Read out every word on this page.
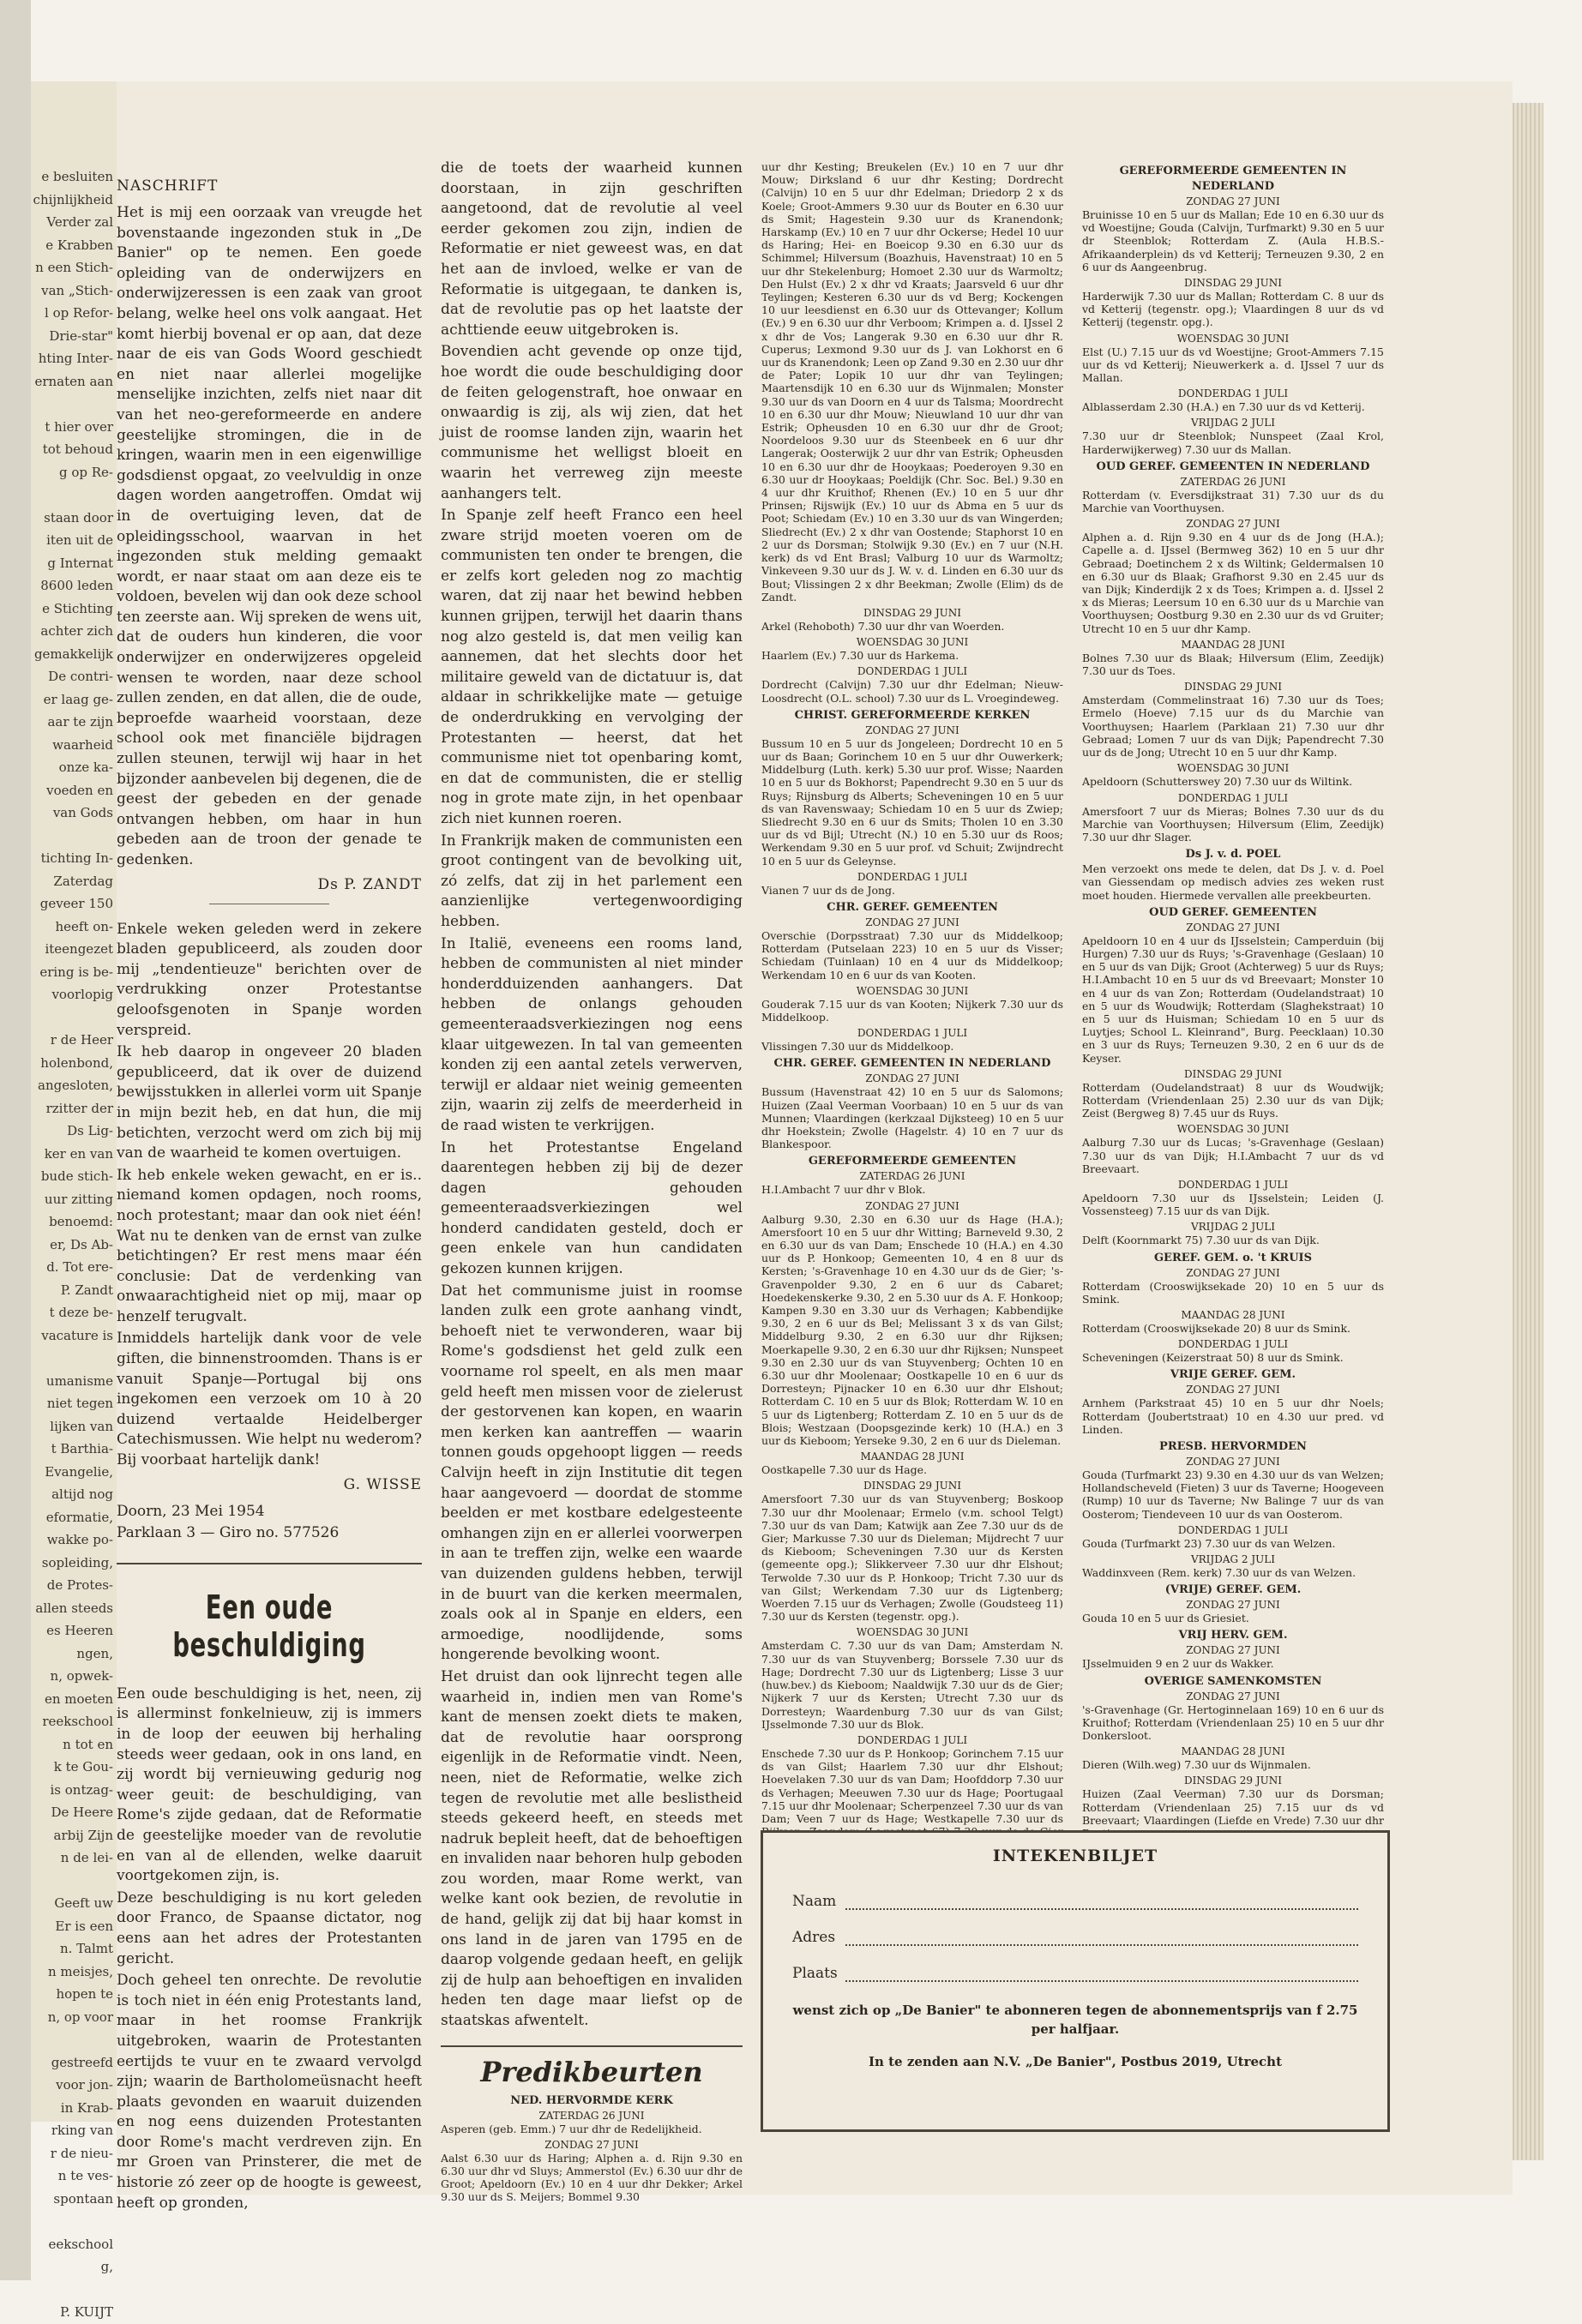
e besluiten
chijnlijkheid
Verder zal
e Krabben
n een Stich-
van „Stich-
l op Refor-
Drie-star"
hting Inter-
ernaten aan

t hier over
tot behoud
g op Re-

staan door
iten uit de
g Internat
8600 leden
e Stichting
achter zich
gemakkelijk
De contri-
er laag ge-
aar te zijn
waarheid
onze ka-
voeden en
van Gods

tichting In-
Zaterdag
geveer 150
heeft on-
iteengezet
ering is be-
voorlopig

r de Heer
holenbond,
angesloten,
rzitter der
Ds Lig-
ker en van
bude stich-
uur zitting
benoemd:
er, Ds Ab-
d. Tot ere-
P. Zandt
t deze be-
vacature is

umanisme
niet tegen
lijken van
t Barthia-
Evangelie,
altijd nog
eformatie,
wakke po-
sopleiding,
de Protes-
allen steeds
es Heeren
ngen,
n, opwek-
en moeten
reekschool
n tot en
k te Gou-
is ontzag-
De Heere
arbij Zijn
n de lei-

Geeft uw
Er is een
n. Talmt
n meisjes,
hopen te
n, op voor

gestreefd
voor jon-
in Krab-
rking van
r de nieu-
n te ves-
spontaan

eekschool
g,

P. KUIJT
NASCHRIFT

Het is mij een oorzaak van vreugde het bovenstaande ingezonden stuk in „De Banier" op te nemen. Een goede opleiding van de onderwijzers en onderwijzeressen is een zaak van groot belang, welke heel ons volk aangaat. Het komt hierbij bovenal er op aan, dat deze naar de eis van Gods Woord geschiedt en niet naar allerlei mogelijke menselijke inzichten, zelfs niet naar dit van het neo-gereformeerde en andere geestelijke stromingen, die in de kringen, waarin men in een eigenwillige godsdienst opgaat, zo veelvuldig in onze dagen worden aangetroffen. Omdat wij in de overtuiging leven, dat de opleidingsschool, waarvan in het ingezonden stuk melding gemaakt wordt, er naar staat om aan deze eis te voldoen, bevelen wij dan ook deze school ten zeerste aan. Wij spreken de wens uit, dat de ouders hun kinderen, die voor onderwijzer en onderwijzeres opgeleid wensen te worden, naar deze school zullen zenden, en dat allen, die de oude, beproefde waarheid voorstaan, deze school ook met financiële bijdragen zullen steunen, terwijl wij haar in het bijzonder aanbevelen bij degenen, die de geest der gebeden en der genade ontvangen hebben, om haar in hun gebeden aan de troon der genade te gedenken.

Ds P. ZANDT

Enkele weken geleden werd in zekere bladen gepubliceerd, als zouden door mij „tendentieuze" berichten over de verdrukking onzer Protestantse geloofsgenoten in Spanje worden verspreid.

Ik heb daarop in ongeveer 20 bladen gepubliceerd, dat ik over de duizend bewijsstukken in allerlei vorm uit Spanje in mijn bezit heb, en dat hun, die mij betichten, verzocht werd om zich bij mij van de waarheid te komen overtuigen.

Ik heb enkele weken gewacht, en er is.. niemand komen opdagen, noch rooms, noch protestant; maar dan ook niet één! Wat nu te denken van de ernst van zulke betichtingen? Er rest mens maar één conclusie: Dat de verdenking van onwaarachtigheid niet op mij, maar op henzelf terugvalt.

Inmiddels hartelijk dank voor de vele giften, die binnenstroomden. Thans is er vanuit Spanje—Portugal bij ons ingekomen een verzoek om 10 à 20 duizend vertaalde Heidelberger Catechismussen. Wie helpt nu wederom? Bij voorbaat hartelijk dank!

G. WISSE
Doorn, 23 Mei 1954
Parklaan 3 — Giro no. 577526
Een oude beschuldiging

Een oude beschuldiging is het, neen, zij is allerminst fonkelnieuw, zij is immers in de loop der eeuwen bij herhaling steeds weer gedaan, ook in ons land, en zij wordt bij vernieuwing gedurig nog weer geuit: de beschuldiging, van Rome's zijde gedaan, dat de Reformatie de geestelijke moeder van de revolutie en van al de ellenden, welke daaruit voortgekomen zijn, is.

Deze beschuldiging is nu kort geleden door Franco, de Spaanse dictator, nog eens aan het adres der Protestanten gericht.

Doch geheel ten onrechte. De revolutie is toch niet in één enig Protestants land, maar in het roomse Frankrijk uitgebroken, waarin de Protestanten eertijds te vuur en te zwaard vervolgd zijn; waarin de Bartholomeüsnacht heeft plaats gevonden en waaruit duizenden en nog eens duizenden Protestanten door Rome's macht verdreven zijn. En mr Groen van Prinsterer, die met de historie zó zeer op de hoogte is geweest, heeft op gronden,

die de toets der waarheid kunnen doorstaan, in zijn geschriften aangetoond, dat de revolutie al veel eerder gekomen zou zijn, indien de Reformatie er niet geweest was, en dat het aan de invloed, welke er van de Reformatie is uitgegaan, te danken is, dat de revolutie pas op het laatste der achttiende eeuw uitgebroken is.

Bovendien acht gevende op onze tijd, hoe wordt die oude beschuldiging door de feiten gelogenstraft, hoe onwaar en onwaardig is zij, als wij zien, dat het juist de roomse landen zijn, waarin het communisme het welligst bloeit en waarin het verreweg zijn meeste aanhangers telt.

In Spanje zelf heeft Franco een heel zware strijd moeten voeren om de communisten ten onder te brengen, die er zelfs kort geleden nog zo machtig waren, dat zij naar het bewind hebben kunnen grijpen, terwijl het daarin thans nog alzo gesteld is, dat men veilig kan aannemen, dat het slechts door het militaire geweld van de dictatuur is, dat aldaar in schrikkelijke mate — getuige de onderdrukking en vervolging der Protestanten — heerst, dat het communisme niet tot openbaring komt, en dat de communisten, die er stellig nog in grote mate zijn, in het openbaar zich niet kunnen roeren.

In Frankrijk maken de communisten een groot contingent van de bevolking uit, zó zelfs, dat zij in het parlement een aanzienlijke vertegenwoordiging hebben.

In Italië, eveneens een rooms land, hebben de communisten al niet minder honderdduizenden aanhangers. Dat hebben de onlangs gehouden gemeenteraadsverkiezingen nog eens klaar uitgewezen. In tal van gemeenten konden zij een aantal zetels verwerven, terwijl er aldaar niet weinig gemeenten zijn, waarin zij zelfs de meerderheid in de raad wisten te verkrijgen.

In het Protestantse Engeland daarentegen hebben zij bij de dezer dagen gehouden gemeenteraadsverkiezingen wel honderd candidaten gesteld, doch er geen enkele van hun candidaten gekozen kunnen krijgen.

Dat het communisme juist in roomse landen zulk een grote aanhang vindt, behoeft niet te verwonderen, waar bij Rome's godsdienst het geld zulk een voorname rol speelt, en als men maar geld heeft men missen voor de zielerust der gestorvenen kan kopen, en waarin men kerken kan aantreffen — waarin tonnen gouds opgehoopt liggen — reeds Calvijn heeft in zijn Institutie dit tegen haar aangevoerd — doordat de stomme beelden er met kostbare edelgesteente omhangen zijn en er allerlei voorwerpen in aan te treffen zijn, welke een waarde van duizenden guldens hebben, terwijl in de buurt van die kerken meermalen, zoals ook al in Spanje en elders, een armoedige, noodlijdende, soms hongerende bevolking woont.

Het druist dan ook lijnrecht tegen alle waarheid in, indien men van Rome's kant de mensen zoekt diets te maken, dat de revolutie haar oorsprong eigenlijk in de Reformatie vindt. Neen, neen, niet de Reformatie, welke zich tegen de revolutie met alle beslistheid steeds gekeerd heeft, en steeds met nadruk bepleit heeft, dat de behoeftigen en invaliden naar behoren hulp geboden zou worden, maar Rome werkt, van welke kant ook bezien, de revolutie in de hand, gelijk zij dat bij haar komst in ons land in de jaren van 1795 en de daarop volgende gedaan heeft, en gelijk zij de hulp aan behoeftigen en invaliden heden ten dage maar liefst op de staatskas afwentelt.

Predikbeurten
NED. HERVORMDE KERK
ZATERDAG 26 JUNI

Asperen (geb. Emm.) 7 uur dhr de Redelijkheid.

ZONDAG 27 JUNI

Aalst 6.30 uur ds Haring; Alphen a. d. Rijn 9.30 en 6.30 uur dhr vd Sluys; Ammerstol (Ev.) 6.30 uur dhr de Groot; Apeldoorn (Ev.) 10 en 4 uur dhr Dekker; Arkel 9.30 uur ds S. Meijers; Bommel 9.30

uur dhr Kesting; Breukelen (Ev.) 10 en 7 uur dhr Mouw; Dirksland 6 uur dhr Kesting; Dordrecht (Calvijn) 10 en 5 uur dhr Edelman; Driedorp 2 x ds Koele; Groot-Ammers 9.30 uur ds Bouter en 6.30 uur ds Smit; Hagestein 9.30 uur ds Kranendonk; Harskamp (Ev.) 10 en 7 uur dhr Ockerse; Hedel 10 uur ds Haring; Hei- en Boeicop 9.30 en 6.30 uur ds Schimmel; Hilversum (Boazhuis, Havenstraat) 10 en 5 uur dhr Stekelenburg; Homoet 2.30 uur ds Warmoltz; Den Hulst (Ev.) 2 x dhr vd Kraats; Jaarsveld 6 uur dhr Teylingen; Kesteren 6.30 uur ds vd Berg; Kockengen 10 uur leesdienst en 6.30 uur ds Ottevanger; Kollum (Ev.) 9 en 6.30 uur dhr Verboom; Krimpen a. d. IJssel 2 x dhr de Vos; Langerak 9.30 en 6.30 uur dhr R. Cuperus; Lexmond 9.30 uur ds J. van Lokhorst en 6 uur ds Kranendonk; Leen op Zand 9.30 en 2.30 uur dhr de Pater; Lopik 10 uur dhr van Teylingen; Maartensdijk 10 en 6.30 uur ds Wijnmalen; Monster 9.30 uur ds van Doorn en 4 uur ds Talsma; Moordrecht 10 en 6.30 uur dhr Mouw; Nieuwland 10 uur dhr van Estrik; Opheusden 10 en 6.30 uur dhr de Groot; Noordeloos 9.30 uur ds Steenbeek en 6 uur dhr Langerak; Oosterwijk 2 uur dhr van Estrik; Opheusden 10 en 6.30 uur dhr de Hooykaas; Poederoyen 9.30 en 6.30 uur dr Hooykaas; Poeldijk (Chr. Soc. Bel.) 9.30 en 4 uur dhr Kruithof; Rhenen (Ev.) 10 en 5 uur dhr Prinsen; Rijswijk (Ev.) 10 uur ds Abma en 5 uur ds Poot; Schiedam (Ev.) 10 en 3.30 uur ds van Wingerden; Sliedrecht (Ev.) 2 x dhr van Oostende; Staphorst 10 en 2 uur ds Dorsman; Stolwijk 9.30 (Ev.) en 7 uur (N.H. kerk) ds vd Ent Brasl; Valburg 10 uur ds Warmoltz; Vinkeveen 9.30 uur ds J. W. v. d. Linden en 6.30 uur ds Bout; Vlissingen 2 x dhr Beekman; Zwolle (Elim) ds de Zandt.

DINSDAG 29 JUNI

Arkel (Rehoboth) 7.30 uur dhr van Woerden.

WOENSDAG 30 JUNI

Haarlem (Ev.) 7.30 uur ds Harkema.

DONDERDAG 1 JULI

Dordrecht (Calvijn) 7.30 uur dhr Edelman; Nieuw-Loosdrecht (O.L. school) 7.30 uur ds L. Vroegindeweg.

CHRIST. GEREFORMEERDE KERKEN
ZONDAG 27 JUNI

Bussum 10 en 5 uur ds Jongeleen; Dordrecht 10 en 5 uur ds Baan; Gorinchem 10 en 5 uur dhr Ouwerkerk; Middelburg (Luth. kerk) 5.30 uur prof. Wisse; Naarden 10 en 5 uur ds Bokhorst; Papendrecht 9.30 en 5 uur ds Ruys; Rijnsburg ds Alberts; Scheveningen 10 en 5 uur ds van Ravenswaay; Schiedam 10 en 5 uur ds Zwiep; Sliedrecht 9.30 en 6 uur ds Smits; Tholen 10 en 3.30 uur ds vd Bijl; Utrecht (N.) 10 en 5.30 uur ds Roos; Werkendam 9.30 en 5 uur prof. vd Schuit; Zwijndrecht 10 en 5 uur ds Geleynse.

DONDERDAG 1 JULI

Vianen 7 uur ds de Jong.

CHR. GEREF. GEMEENTEN
ZONDAG 27 JUNI

Overschie (Dorpsstraat) 7.30 uur ds Middelkoop; Rotterdam (Putselaan 223) 10 en 5 uur ds Visser; Schiedam (Tuinlaan) 10 en 4 uur ds Middelkoop; Werkendam 10 en 6 uur ds van Kooten.

WOENSDAG 30 JUNI

Gouderak 7.15 uur ds van Kooten; Nijkerk 7.30 uur ds Middelkoop.

DONDERDAG 1 JULI

Vlissingen 7.30 uur ds Middelkoop.

CHR. GEREF. GEMEENTEN IN NEDERLAND
ZONDAG 27 JUNI

Bussum (Havenstraat 42) 10 en 5 uur ds Salomons; Huizen (Zaal Veerman Voorbaan) 10 en 5 uur ds van Munnen; Vlaardingen (kerkzaal Dijksteeg) 10 en 5 uur dhr Hoekstein; Zwolle (Hagelstr. 4) 10 en 7 uur ds Blankespoor.

GEREFORMEERDE GEMEENTEN
ZATERDAG 26 JUNI

H.I.Ambacht 7 uur dhr v Blok.

ZONDAG 27 JUNI

Aalburg 9.30, 2.30 en 6.30 uur ds Hage (H.A.); Amersfoort 10 en 5 uur dhr Witting; Barneveld 9.30, 2 en 6.30 uur ds van Dam; Enschede 10 (H.A.) en 4.30 uur ds P. Honkoop; Gemeenten 10, 4 en 8 uur ds Kersten; 's-Gravenhage 10 en 4.30 uur ds de Gier; 's-Gravenpolder 9.30, 2 en 6 uur ds Cabaret; Hoedekenskerke 9.30, 2 en 5.30 uur ds A. F. Honkoop; Kampen 9.30 en 3.30 uur ds Verhagen; Kabbendijke 9.30, 2 en 6 uur ds Bel; Melissant 3 x ds van Gilst; Middelburg 9.30, 2 en 6.30 uur dhr Rijksen; Moerkapelle 9.30, 2 en 6.30 uur dhr Rijksen; Nunspeet 9.30 en 2.30 uur ds van Stuyvenberg; Ochten 10 en 6.30 uur dhr Moolenaar; Oostkapelle 10 en 6 uur ds Dorresteyn; Pijnacker 10 en 6.30 uur dhr Elshout; Rotterdam C. 10 en 5 uur ds Blok; Rotterdam W. 10 en 5 uur ds Ligtenberg; Rotterdam Z. 10 en 5 uur ds de Blois; Westzaan (Doopsgezinde kerk) 10 (H.A.) en 3 uur ds Kieboom; Yerseke 9.30, 2 en 6 uur ds Dieleman.

MAANDAG 28 JUNI

Oostkapelle 7.30 uur ds Hage.

DINSDAG 29 JUNI

Amersfoort 7.30 uur ds van Stuyvenberg; Boskoop 7.30 uur dhr Moolenaar; Ermelo (v.m. school Telgt) 7.30 uur ds van Dam; Katwijk aan Zee 7.30 uur ds de Gier; Markusse 7.30 uur ds Dieleman; Mijdrecht 7 uur ds Kieboom; Scheveningen 7.30 uur ds Kersten (gemeente opg.); Slikkerveer 7.30 uur dhr Elshout; Terwolde 7.30 uur ds P. Honkoop; Tricht 7.30 uur ds van Gilst; Werkendam 7.30 uur ds Ligtenberg; Woerden 7.15 uur ds Verhagen; Zwolle (Goudsteeg 11) 7.30 uur ds Kersten (tegenstr. opg.).

WOENSDAG 30 JUNI

Amsterdam C. 7.30 uur ds van Dam; Amsterdam N. 7.30 uur ds van Stuyvenberg; Borssele 7.30 uur ds Hage; Dordrecht 7.30 uur ds Ligtenberg; Lisse 3 uur (huw.bev.) ds Kieboom; Naaldwijk 7.30 uur ds de Gier; Nijkerk 7 uur ds Kersten; Utrecht 7.30 uur ds Dorresteyn; Waardenburg 7.30 uur ds van Gilst; IJsselmonde 7.30 uur ds Blok.

DONDERDAG 1 JULI

Enschede 7.30 uur ds P. Honkoop; Gorinchem 7.15 uur ds van Gilst; Haarlem 7.30 uur dhr Elshout; Hoevelaken 7.30 uur ds van Dam; Hoofddorp 7.30 uur ds Verhagen; Meeuwen 7.30 uur ds Hage; Poortugaal 7.15 uur dhr Moolenaar; Scherpenzeel 7.30 uur ds van Dam; Veen 7 uur ds Hage; Westkapelle 7.30 uur ds

GEREFORMEERDE GEMEENTEN IN NEDERLAND
ZONDAG 27 JUNI

Bruinisse 10 en 5 uur ds Mallan; Ede 10 en 6.30 uur ds vd Woestijne; Gouda (Calvijn, Turfmarkt) 9.30 en 5 uur dr Steenblok; Rotterdam Z. (Aula H.B.S.- Afrikaanderplein) ds vd Ketterij; Terneuzen 9.30, 2 en 6 uur ds Aangeenbrug.

DINSDAG 29 JUNI

Harderwijk 7.30 uur ds Mallan; Rotterdam C. 8 uur ds vd Ketterij (tegenstr. opg.); Vlaardingen 8 uur ds vd Ketterij (tegenstr. opg.).

WOENSDAG 30 JUNI

Elst (U.) 7.15 uur ds vd Woestijne; Groot-Ammers 7.15 uur ds vd Ketterij; Nieuwerkerk a. d. IJssel 7 uur ds Mallan.

DONDERDAG 1 JULI

Alblasserdam 2.30 (H.A.) en 7.30 uur ds vd Ketterij.

VRIJDAG 2 JULI

7.30 uur dr Steenblok; Nunspeet (Zaal Krol, Harderwijkerweg) 7.30 uur ds Mallan.

OUD GEREF. GEMEENTEN IN NEDERLAND
ZATERDAG 26 JUNI

Rotterdam (v. Eversdijkstraat 31) 7.30 uur ds du Marchie van Voorthuysen.

ZONDAG 27 JUNI

Alphen a. d. Rijn 9.30 en 4 uur ds de Jong (H.A.); Capelle a. d. IJssel (Bermweg 362) 10 en 5 uur dhr Gebraad; Doetinchem 2 x ds Wiltink; Geldermalsen 10 en 6.30 uur ds Blaak; Grafhorst 9.30 en 2.45 uur ds van Dijk; Kinderdijk 2 x ds Toes; Krimpen a. d. IJssel 2 x ds Mieras; Leersum 10 en 6.30 uur ds u Marchie van Voorthuysen; Oostburg 9.30 en 2.30 uur ds vd Gruiter; Utrecht 10 en 5 uur dhr Kamp.

MAANDAG 28 JUNI

Bolnes 7.30 uur ds Blaak; Hilversum (Elim, Zeedijk) 7.30 uur ds Toes.

DINSDAG 29 JUNI

Amsterdam (Commelinstraat 16) 7.30 uur ds Toes; Ermelo (Hoeve) 7.15 uur ds du Marchie van Voorthuysen; Haarlem (Parklaan 21) 7.30 uur dhr Gebraad; Lomen 7 uur ds van Dijk; Papendrecht 7.30 uur ds de Jong; Utrecht 10 en 5 uur dhr Kamp.

WOENSDAG 30 JUNI

Apeldoorn (Schutterswey 20) 7.30 uur ds Wiltink.

DONDERDAG 1 JULI

Amersfoort 7 uur ds Mieras; Bolnes 7.30 uur ds du Marchie van Voorthuysen; Hilversum (Elim, Zeedijk) 7.30 uur dhr Slager.

Ds J. v. d. POEL

Men verzoekt ons mede te delen, dat Ds J. v. d. Poel van Giessendam op medisch advies zes weken rust moet houden. Hiermede vervallen alle preekbeurten.

OUD GEREF. GEMEENTEN
ZONDAG 27 JUNI

Apeldoorn 10 en 4 uur ds IJsselstein; Camperduin (bij Hurgen) 7.30 uur ds Ruys; 's-Gravenhage (Geslaan) 10 en 5 uur ds van Dijk; Groot (Achterweg) 5 uur ds Ruys; H.I.Ambacht 10 en 5 uur ds vd Breevaart; Monster 10 en 4 uur ds van Zon; Rotterdam (Oudelandstraat) 10 en 5 uur ds Woudwijk; Rotterdam (Slaghekstraat) 10 en 5 uur ds Huisman; Schiedam 10 en 5 uur ds Luytjes; School L. Kleinrand", Burg. Peecklaan) 10.30 en 3 uur ds Ruys; Terneuzen 9.30, 2 en 6 uur ds de Keyser.

DINSDAG 29 JUNI

Rotterdam (Oudelandstraat) 8 uur ds Woudwijk; Rotterdam (Vriendenlaan 25) 2.30 uur ds van Dijk; Zeist (Bergweg 8) 7.45 uur ds Ruys.

WOENSDAG 30 JUNI

Aalburg 7.30 uur ds Lucas; 's-Gravenhage (Geslaan) 7.30 uur ds van Dijk; H.I.Ambacht 7 uur ds vd Breevaart.

DONDERDAG 1 JULI

Apeldoorn 7.30 uur ds IJsselstein; Leiden (J. Vossensteeg) 7.15 uur ds van Dijk.

VRIJDAG 2 JULI

Delft (Koornmarkt 75) 7.30 uur ds van Dijk.

GEREF. GEM. o. 't KRUIS
ZONDAG 27 JUNI

Rotterdam (Crooswijksekade 20) 10 en 5 uur ds Smink.

MAANDAG 28 JUNI

Rotterdam (Crooswijksekade 20) 8 uur ds Smink.

DONDERDAG 1 JULI

Scheveningen (Keizerstraat 50) 8 uur ds Smink.

VRIJE GEREF. GEM.
ZONDAG 27 JUNI

Arnhem (Parkstraat 45) 10 en 5 uur dhr Noels; Rotterdam (Joubertstraat) 10 en 4.30 uur pred. vd Linden.

PRESB. HERVORMDEN
ZONDAG 27 JUNI

Gouda (Turfmarkt 23) 9.30 en 4.30 uur ds van Welzen; Hollandscheveld (Fieten) 3 uur ds Taverne; Hoogeveen (Rump) 10 uur ds Taverne; Nw Balinge 7 uur ds van Oosterom; Tiendeveen 10 uur ds van Oosterom.

DONDERDAG 1 JULI

Gouda (Turfmarkt 23) 7.30 uur ds van Welzen.

VRIJDAG 2 JULI

Waddinxveen (Rem. kerk) 7.30 uur ds van Welzen.

(VRIJE) GEREF. GEM.
ZONDAG 27 JUNI

Gouda 10 en 5 uur ds Griesiet.

VRIJ HERV. GEM.
ZONDAG 27 JUNI

IJsselmuiden 9 en 2 uur ds Wakker.

OVERIGE SAMENKOMSTEN
ZONDAG 27 JUNI

's-Gravenhage (Gr. Hertoginnelaan 169) 10 en 6 uur ds Kruithof; Rotterdam (Vriendenlaan 25) 10 en 5 uur dhr Donkersloot.

MAANDAG 28 JUNI

Dieren (Wilh.weg) 7.30 uur ds Wijnmalen.

DINSDAG 29 JUNI

Huizen (Zaal Veerman) 7.30 uur ds Dorsman; Rotterdam (Vriendenlaan 25) 7.15 uur ds vd Breevaart; Vlaardingen (Liefde en Vrede) 7.30 uur dhr

INTEKENBILJET
Naam
Adres
Plaats
wenst zich op „De Banier" te abonneren tegen de abonnementsprijs van f 2.75 per halfjaar.
In te zenden aan N.V. „De Banier", Postbus 2019, Utrecht
